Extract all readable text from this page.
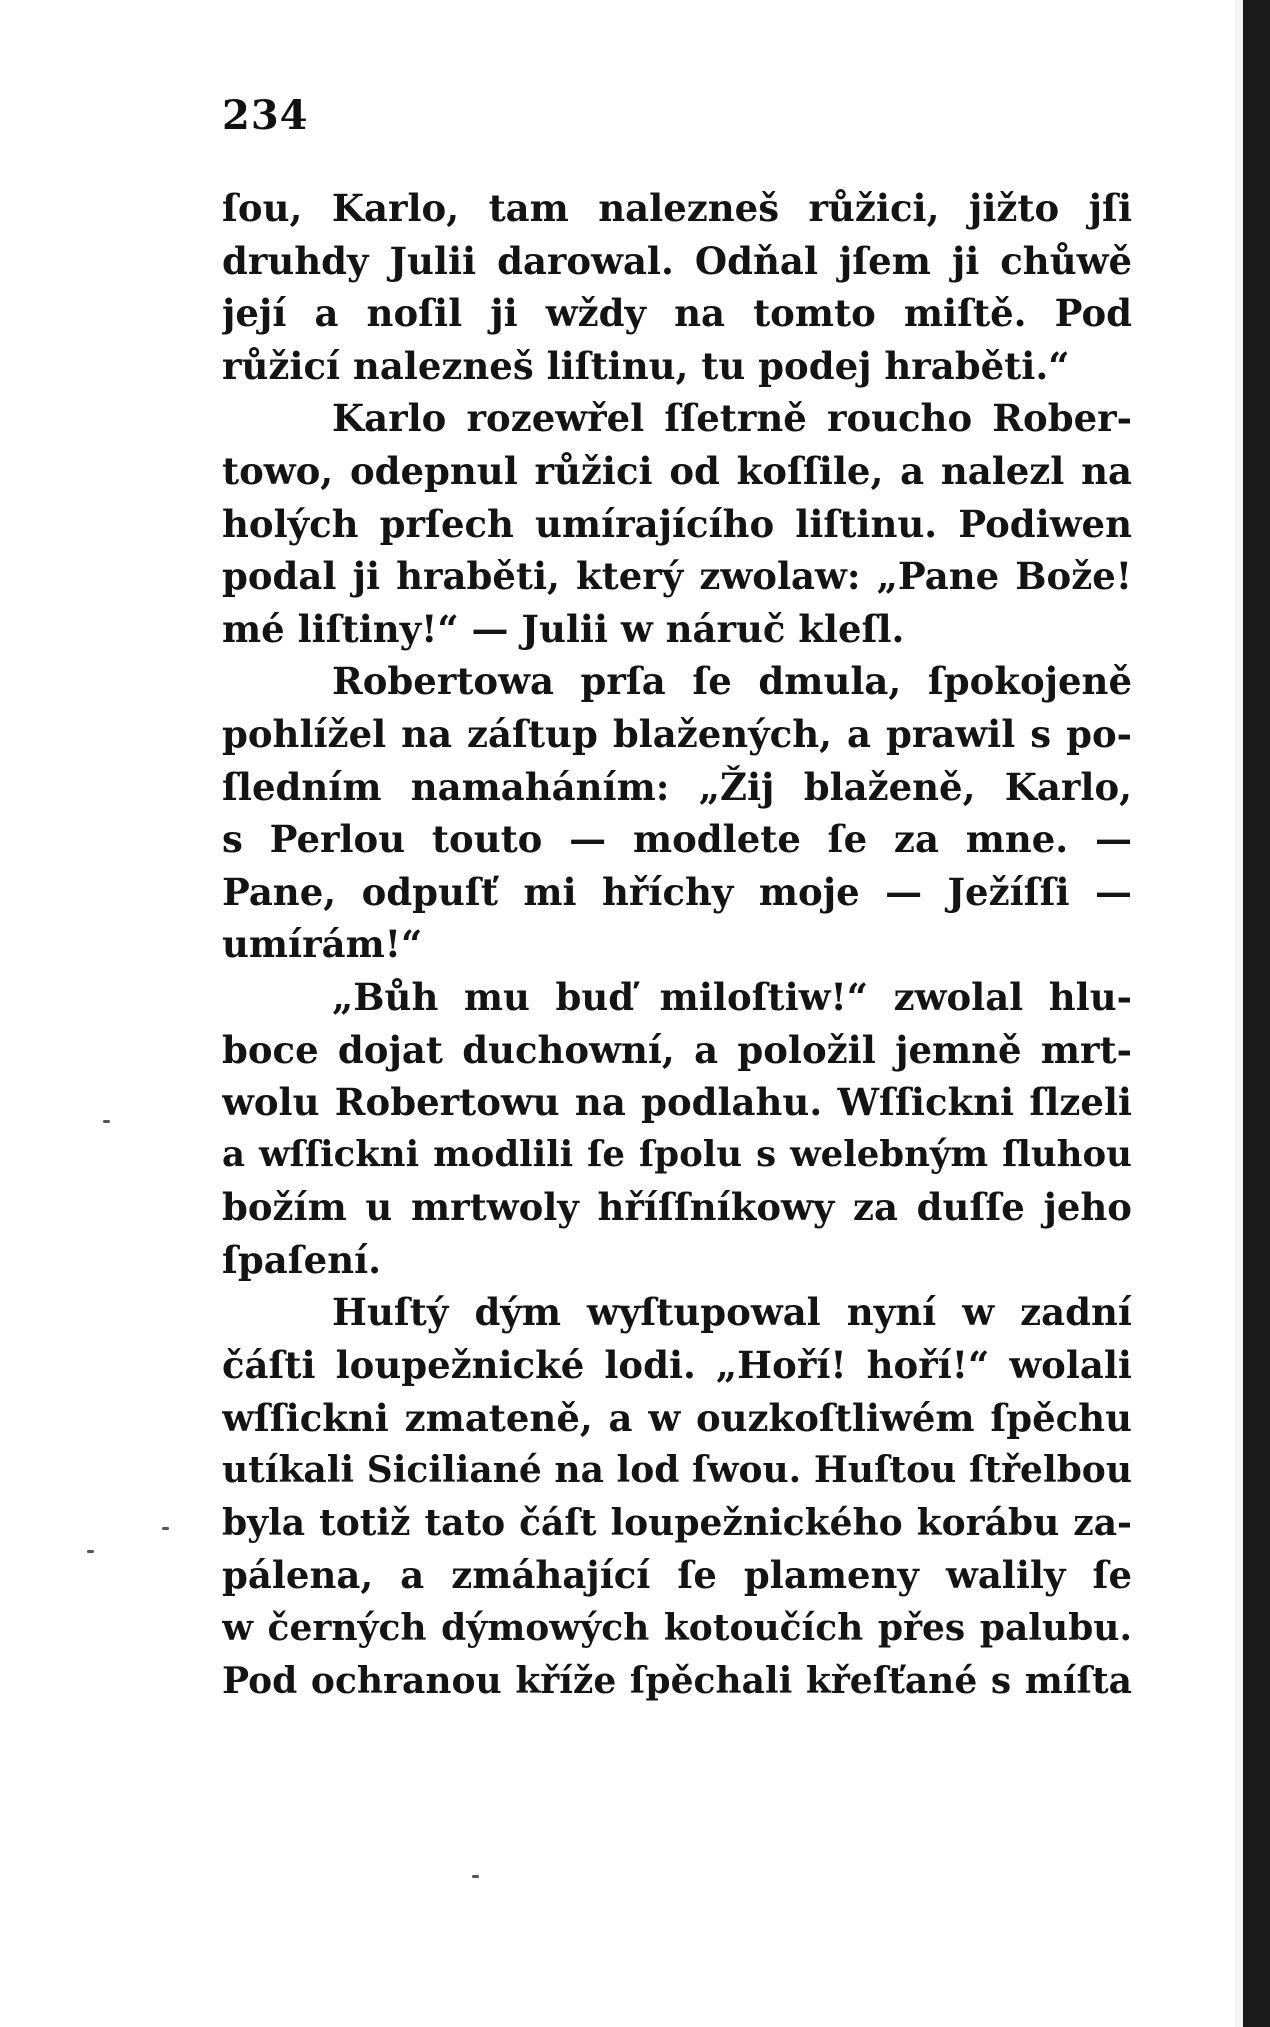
234
ſou, Karlo, tam nalezneš růžici, jižto jſi
druhdy Julii darowal. Odňal jſem ji chůwě
její a noſil ji wždy na tomto miſtě. Pod
růžicí nalezneš liſtinu, tu podej hraběti.“
Karlo rozewřel ſſetrně roucho Rober-
towo, odepnul růžici od koſſile, a nalezl na
holých prſech umírajícího liſtinu. Podiwen
podal ji hraběti, který zwolaw: „Pane Bože!
mé liſtiny!“ — Julii w náruč kleſl.
Robertowa prſa ſe dmula, ſpokojeně
pohlížel na záſtup blažených, a prawil s po-
ſledním namaháním: „Žij blaženě, Karlo,
s Perlou touto — modlete ſe za mne. —
Pane, odpuſť mi hříchy moje — Ježíſſi —
umírám!“
„Bůh mu buď miloſtiw!“ zwolal hlu-
boce dojat duchowní, a položil jemně mrt-
wolu Robertowu na podlahu. Wſſickni ſlzeli
a wſſickni modlili ſe ſpolu s welebným ſluhou
božím u mrtwoly hříſſníkowy za duſſe jeho
ſpaſení.
Huſtý dým wyſtupowal nyní w zadní
čáſti loupežnické lodi. „Hoří! hoří!“ wolali
wſſickni zmateně, a w ouzkoſtliwém ſpěchu
utíkali Siciliané na lod ſwou. Huſtou ſtřelbou
byla totiž tato čáſt loupežnického korábu za-
pálena, a zmáhající ſe plameny walily ſe
w černých dýmowých kotoučích přes palubu.
Pod ochranou kříže ſpěchali křeſťané s míſta
